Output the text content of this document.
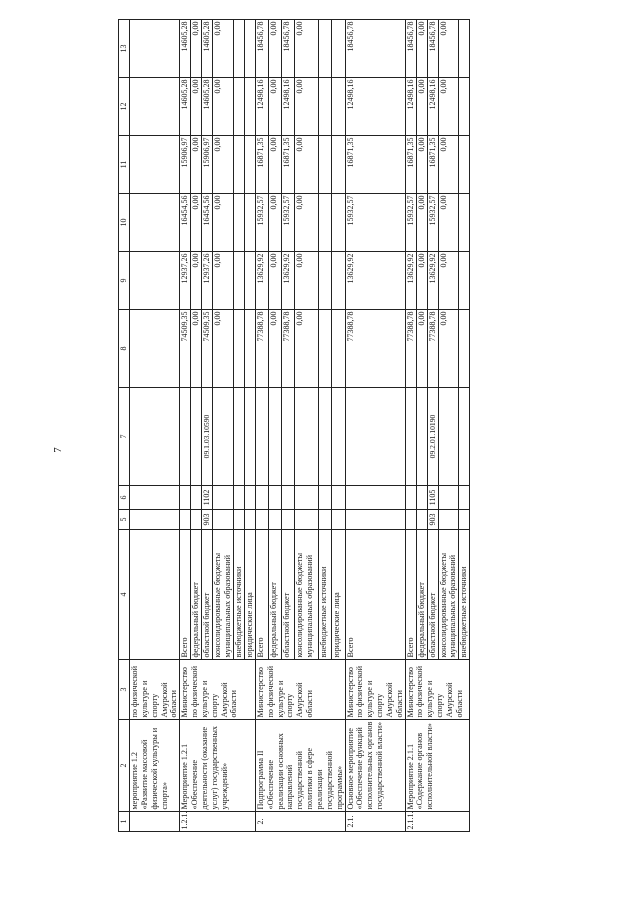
7
1	2	3	4	5	6	7	8	9	10	11	12	13
	мероприятие 1.2 «Развитие массовой физической культуры и спорта»	по физической культуре и спорту Амурской области										
1.2.1.	Мероприятие 1.2.1 «Обеспечение деятельности (оказание услуг) государственных учреждений»	Министерство по физической культуре и спорту Амурской области	Всего				74509,35	12937,26	16454,56	15906,97	14605,28	14605,28
			федеральный бюджет				0,00	0,00	0,00	0,00	0,00	0,00
			областной бюджет	903	1102	09.1.03.10590	74509,35	12937,26	16454,56	15906,97	14605,28	14605,28
			консолидированные бюджеты муниципальных образований				0,00	0,00	0,00	0,00	0,00	0,00
			внебюджетные источники									
			юридические лица									
2.	Подпрограмма II «Обеспечение реализации основных направлений государственной политики в сфере реализации государственной программы»	Министерство по физической культуре и спорту Амурской области	Всего				77388,78	13629,92	15932,57	16871,35	12498,16	18456,78
			федеральный бюджет				0,00	0,00	0,00	0,00	0,00	0,00
			областной бюджет				77388,78	13629,92	15932,57	16871,35	12498,16	18456,78
			консолидированные бюджеты муниципальных образований				0,00	0,00	0,00	0,00	0,00	0,00
			внебюджетные источники									
			юридические лица									
2.1.	Основное мероприятие «Обеспечение функций исполнительных органов государственной власти»	Министерство по физической культуре и спорту Амурской области	Всего				77388,78	13629,92	15932,57	16871,35	12498,16	18456,78
2.1.1.	Мероприятие 2.1.1 «Содержание органов исполнительной власти»	Министерство по физической культуре и спорту Амурской области	Всего				77388,78	13629,92	15932,57	16871,35	12498,16	18456,78
			федеральный бюджет				0,00	0,00	0,00	0,00	0,00	0,00
			областной бюджет	903	1105	09.2.01.10190	77388,78	13629,92	15932,57	16871,35	12498,16	18456,78
			консолидированные бюджеты муниципальных образований				0,00	0,00	0,00	0,00	0,00	0,00
			внебюджетные источники									
